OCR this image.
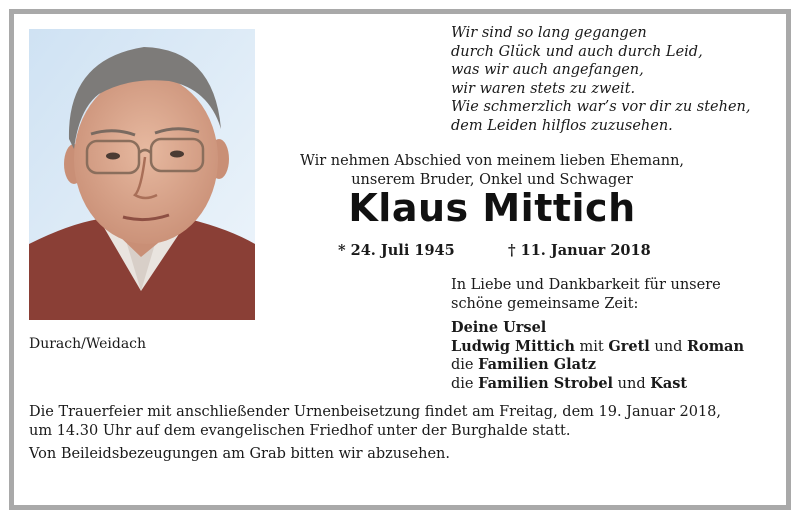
Durach/Weidach
Wir sind so lang gegangen
durch Glück und auch durch Leid,
was wir auch angefangen,
wir waren stets zu zweit.
Wie schmerzlich war’s vor dir zu stehen,
dem Leiden hilflos zuzusehen.
Wir nehmen Abschied von meinem lieben Ehemann,
unserem Bruder, Onkel und Schwager
Klaus Mittich
* 24. Juli 1945	† 11. Januar 2018
In Liebe und Dankbarkeit für unsere
schöne gemeinsame Zeit:
Deine Ursel
Ludwig Mittich mit Gretl und Roman
die Familien Glatz
die Familien Strobel und Kast
Die Trauerfeier mit anschließender Urnenbeisetzung findet am Freitag, dem 19. Januar 2018,
um 14.30 Uhr auf dem evangelischen Friedhof unter der Burghalde statt.
Von Beileidsbezeugungen am Grab bitten wir abzusehen.
